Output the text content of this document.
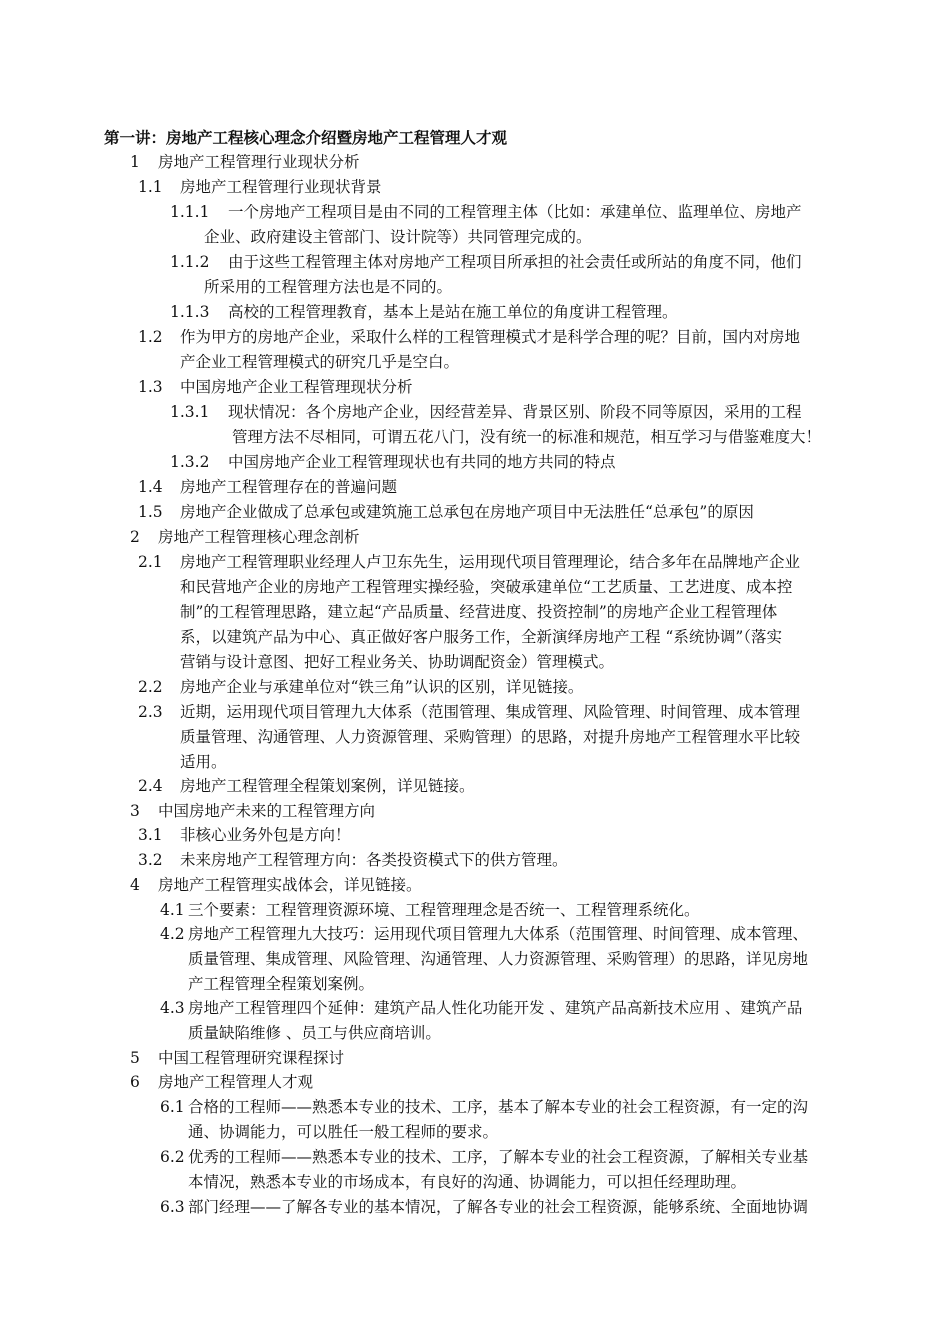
第一讲：房地产工程核心理念介绍暨房地产工程管理人才观
1 房地产工程管理行业现状分析
1.1 房地产工程管理行业现状背景
1.1.1 一个房地产工程项目是由不同的工程管理主体（比如：承建单位、监理单位、房地产
企业、政府建设主管部门、设计院等）共同管理完成的。
1.1.2 由于这些工程管理主体对房地产工程项目所承担的社会责任或所站的角度不同，他们
所采用的工程管理方法也是不同的。
1.1.3 高校的工程管理教育，基本上是站在施工单位的角度讲工程管理。
1.2 作为甲方的房地产企业，采取什么样的工程管理模式才是科学合理的呢？目前，国内对房地
产企业工程管理模式的研究几乎是空白。
1.3 中国房地产企业工程管理现状分析
1.3.1 现状情况：各个房地产企业，因经营差异、背景区别、阶段不同等原因，采用的工程
管理方法不尽相同，可谓五花八门，没有统一的标准和规范，相互学习与借鉴难度大！
1.3.2 中国房地产企业工程管理现状也有共同的地方共同的特点
1.4 房地产工程管理存在的普遍问题
1.5 房地产企业做成了总承包或建筑施工总承包在房地产项目中无法胜任“总承包”的原因
2 房地产工程管理核心理念剖析
2.1 房地产工程管理职业经理人卢卫东先生，运用现代项目管理理论，结合多年在品牌地产企业
和民营地产企业的房地产工程管理实操经验，突破承建单位“工艺质量、工艺进度、成本控
制”的工程管理思路，建立起“产品质量、经营进度、投资控制”的房地产企业工程管理体
系，以建筑产品为中心、真正做好客户服务工作，全新演绎房地产工程 “系统协调”（落实
营销与设计意图、把好工程业务关、协助调配资金）管理模式。
2.2 房地产企业与承建单位对“铁三角”认识的区别，详见链接。
2.3 近期，运用现代项目管理九大体系（范围管理、集成管理、风险管理、时间管理、成本管理
质量管理、沟通管理、人力资源管理、采购管理）的思路，对提升房地产工程管理水平比较
适用。
2.4 房地产工程管理全程策划案例，详见链接。
3 中国房地产未来的工程管理方向
3.1 非核心业务外包是方向！
3.2 未来房地产工程管理方向：各类投资模式下的供方管理。
4 房地产工程管理实战体会，详见链接。
4.1 三个要素：工程管理资源环境、工程管理理念是否统一、工程管理系统化。
4.2 房地产工程管理九大技巧：运用现代项目管理九大体系（范围管理、时间管理、成本管理、
质量管理、集成管理、风险管理、沟通管理、人力资源管理、采购管理）的思路，详见房地
产工程管理全程策划案例。
4.3 房地产工程管理四个延伸：建筑产品人性化功能开发 、建筑产品高新技术应用 、建筑产品
质量缺陷维修 、员工与供应商培训。
5 中国工程管理研究课程探讨
6 房地产工程管理人才观
6.1 合格的工程师——熟悉本专业的技术、工序，基本了解本专业的社会工程资源，有一定的沟
通、协调能力，可以胜任一般工程师的要求。
6.2 优秀的工程师——熟悉本专业的技术、工序，了解本专业的社会工程资源，了解相关专业基
本情况，熟悉本专业的市场成本，有良好的沟通、协调能力，可以担任经理助理。
6.3 部门经理——了解各专业的基本情况，了解各专业的社会工程资源，能够系统、全面地协调
